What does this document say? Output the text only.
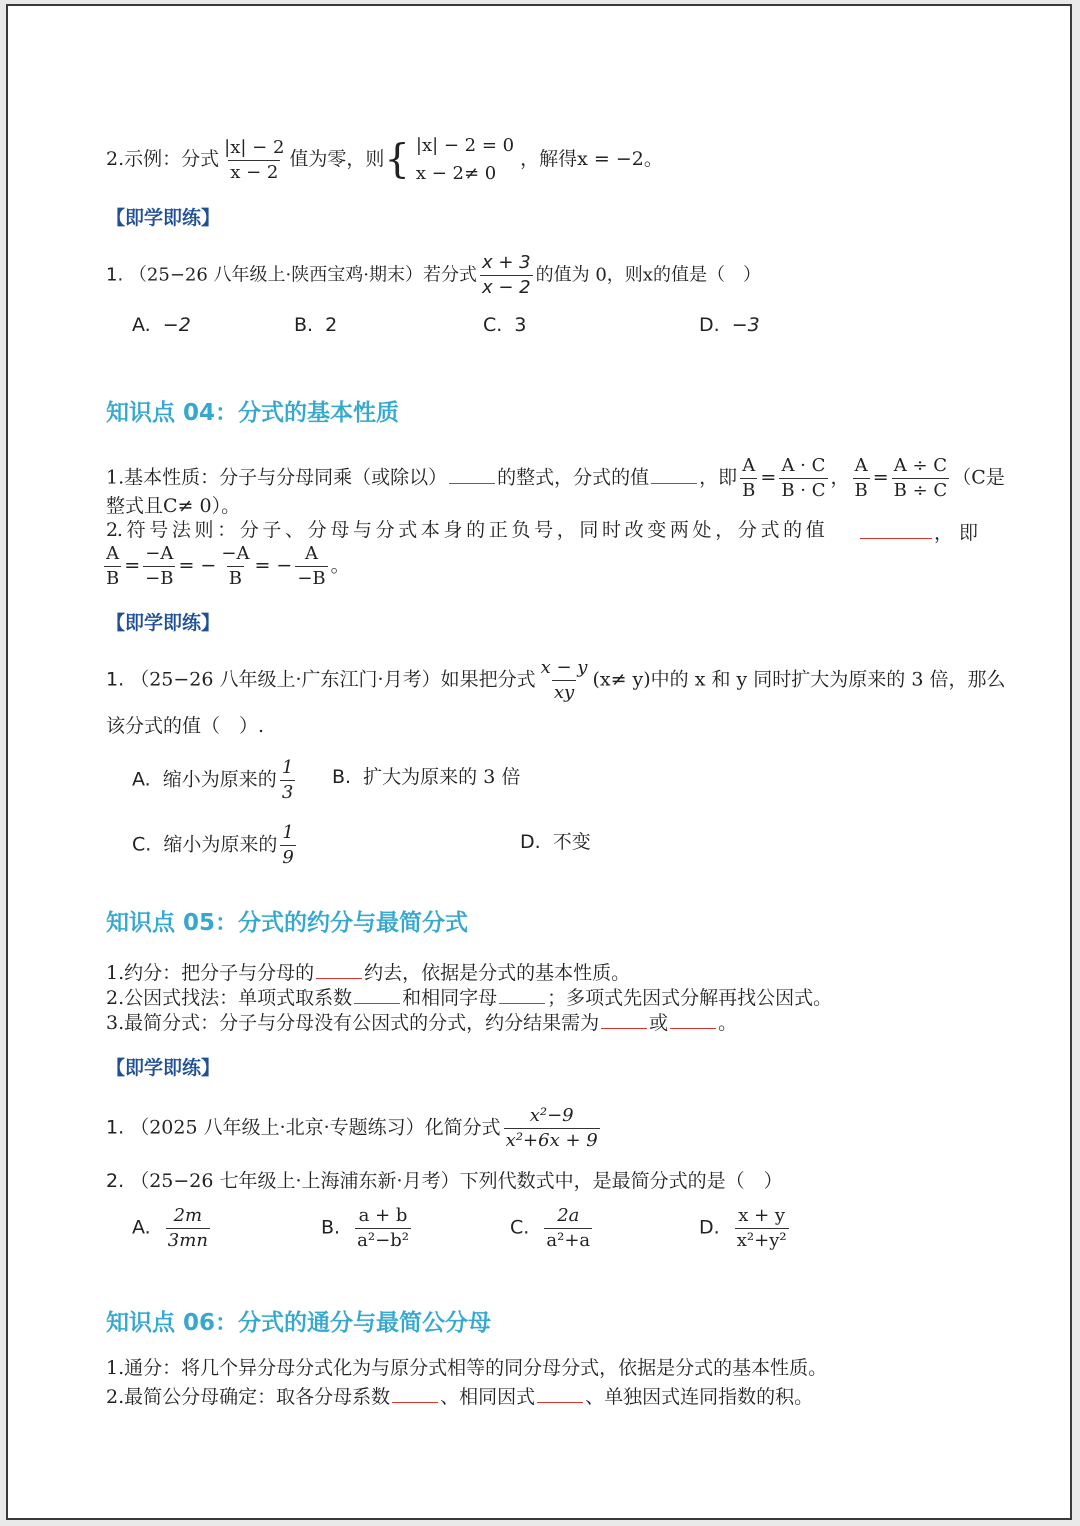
2.示例：分式 $\frac{|x| - 2}{x - 2}$ 值为零，则{ |x| − 2 = 0
x − 2≠ 0
，解得x = −2。
【即学即练】
1. （25−26 八年级上·陕西宝鸡·期末）若分式 $\frac{x + 3}{x - 2}$ 的值为 0，则x的值是（　）
A. −2	B. 2	C. 3	D. −3
知识点 04：分式的基本性质
1.基本性质：分子与分母同乘（或除以）	的整式，分式的值	，即 $\frac{A}{B} = \frac{A \cdot C}{B \cdot C}$ ， $\frac{A}{B} = \frac{A \div C}{B \div C} (C$是
整式且C≠ 0）。
2. 符 号 法 则 ： 分 子 、 分 母 与 分 式 本 身 的 正 负 号 ， 同 时 改 变 两 处 ， 分 式 的 值	， 即
$\frac{A}{B} = \frac{-A}{-B}$ = − $\frac{-A}{B}$ = − $\frac{A}{-B}$ 。
【即学即练】
1. （25−26 八年级上·广东江门·月考）如果把分式 $\frac{x - y}{xy} (x\ne y)$中的 x 和 y 同时扩大为原来的 3 倍，那么
该分式的值（　）.
A. 缩小为原来的 $\frac{1}{3} B$. 扩大为原来的 3 倍
C. 缩小为原来的 $\frac{1}{9}$	D. 不变
知识点 05：分式的约分与最简分式
1.约分：把分子与分母的	约去，依据是分式的基本性质。
2.公因式找法：单项式取系数	和相同字母	；多项式先因式分解再找公因式。
3.最简分式：分子与分母没有公因式的分式，约分结果需为	或	。
【即学即练】
1. （2025 八年级上·北京·专题练习）化简分式 $\frac{\text{x²−9}}{\text{x²+6x + 9}}$
2. （25−26 七年级上·上海浦东新·月考）下列代数式中，是最简分式的是（　）
A. $\frac{2m}{3mn}$	B. $\frac{a + b}{\text{a²−b²}}$	C. $\frac{2a}{\text{a²+a}}$	D. $\frac{x + y}{\text{x²+y²}}$
知识点 06：分式的通分与最简公分母
1.通分：将几个异分母分式化为与原分式相等的同分母分式，依据是分式的基本性质。
2.最简公分母确定：取各分母系数	、相同因式	、单独因式连同指数的积。
